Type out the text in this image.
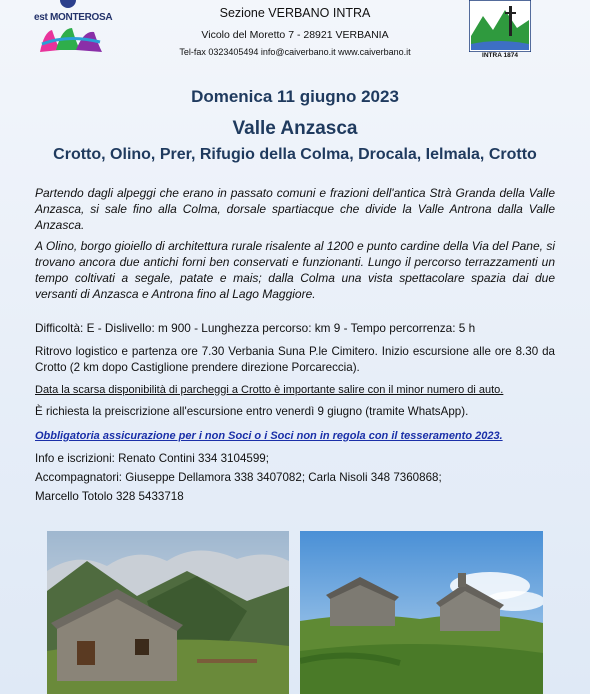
est MONTEROSA	Sezione VERBANO INTRA
Vicolo del Moretto 7 - 28921 VERBANIA
Tel-fax 0323405494 info@caiverbano.it www.caiverbano.it	INTRA 1874
Domenica 11 giugno 2023
Valle Anzasca
Crotto, Olino, Prer, Rifugio della Colma, Drocala, Ielmala, Crotto
Partendo dagli alpeggi che erano in passato comuni e frazioni dell'antica Strà Granda della Valle Anzasca, si sale fino alla Colma, dorsale spartiacque che divide la Valle Antrona dalla Valle Anzasca.
A Olino, borgo gioiello di architettura rurale risalente al 1200 e punto cardine della Via del Pane, si trovano ancora due antichi forni ben conservati e funzionanti. Lungo il percorso terrazzamenti un tempo coltivati a segale, patate e mais; dalla Colma una vista spettacolare spazia dai due versanti di Anzasca e Antrona fino al Lago Maggiore.
Difficoltà: E - Dislivello: m 900 - Lunghezza percorso: km 9 - Tempo percorrenza: 5 h
Ritrovo logistico e partenza ore 7.30 Verbania Suna P.le Cimitero. Inizio escursione alle ore 8.30 da Crotto (2 km dopo Castiglione prendere direzione Porcareccia).
Data la scarsa disponibilità di parcheggi a Crotto è importante salire con il minor numero di auto.
È richiesta la preiscrizione all'escursione entro venerdì 9 giugno (tramite WhatsApp).
Obbligatoria assicurazione per i non Soci o i Soci non in regola con il tesseramento 2023.
Info e iscrizioni: Renato Contini 334 3104599;
Accompagnatori: Giuseppe Dellamora 338 3407082; Carla Nisoli 348 7360868;
Marcello Totolo 328 5433718
